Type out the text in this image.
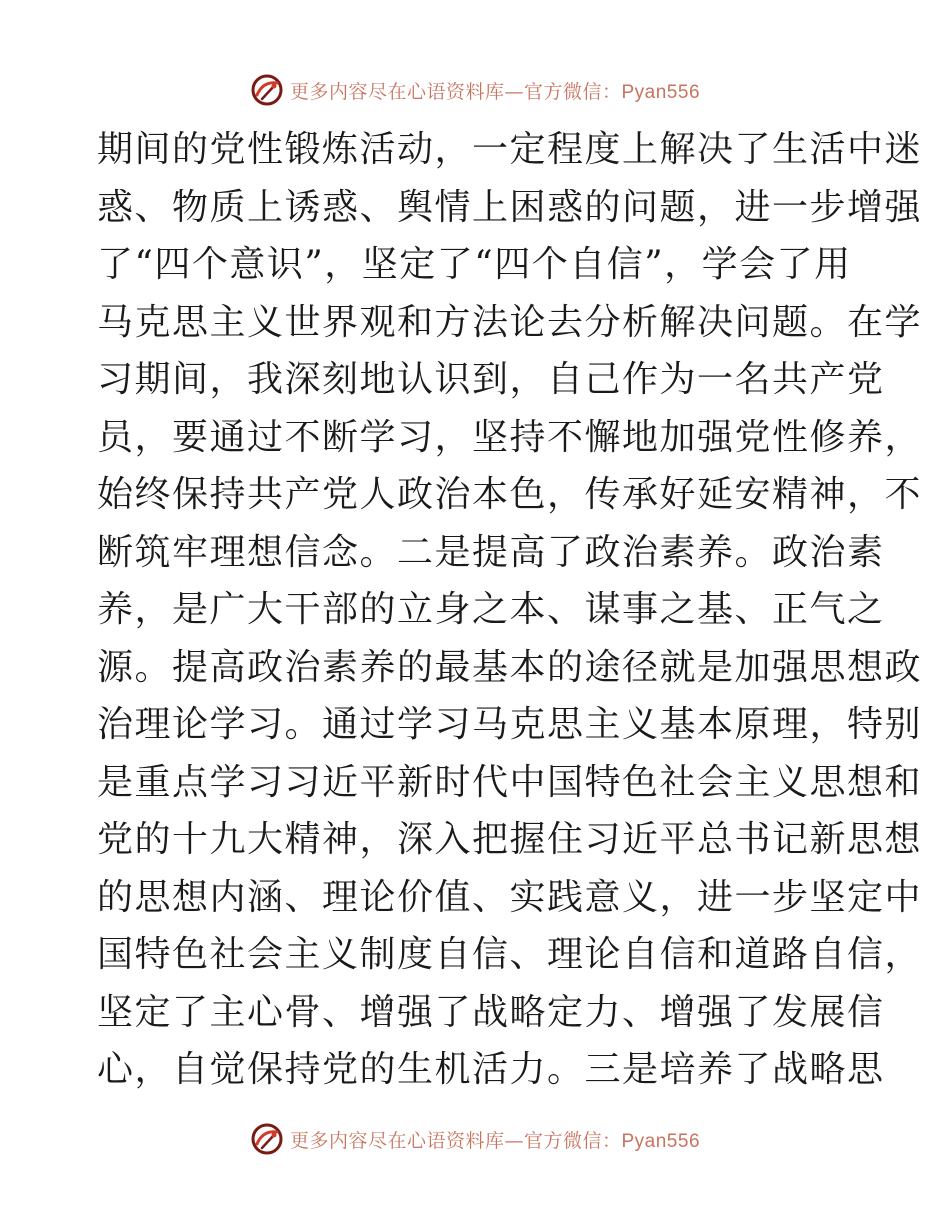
更多内容尽在心语资料库—官方微信：Pyan556
期间的党性锻炼活动，一定程度上解决了生活中迷
惑、物质上诱惑、舆情上困惑的问题，进一步增强
了“四个意识”，坚定了“四个自信”，学会了用
马克思主义世界观和方法论去分析解决问题。在学
习期间，我深刻地认识到，自己作为一名共产党
员，要通过不断学习，坚持不懈地加强党性修养，
始终保持共产党人政治本色，传承好延安精神，不
断筑牢理想信念。二是提高了政治素养。政治素
养，是广大干部的立身之本、谋事之基、正气之
源。提高政治素养的最基本的途径就是加强思想政
治理论学习。通过学习马克思主义基本原理，特别
是重点学习习近平新时代中国特色社会主义思想和
党的十九大精神，深入把握住习近平总书记新思想
的思想内涵、理论价值、实践意义，进一步坚定中
国特色社会主义制度自信、理论自信和道路自信，
坚定了主心骨、增强了战略定力、增强了发展信
心，自觉保持党的生机活力。三是培养了战略思
更多内容尽在心语资料库—官方微信：Pyan556
